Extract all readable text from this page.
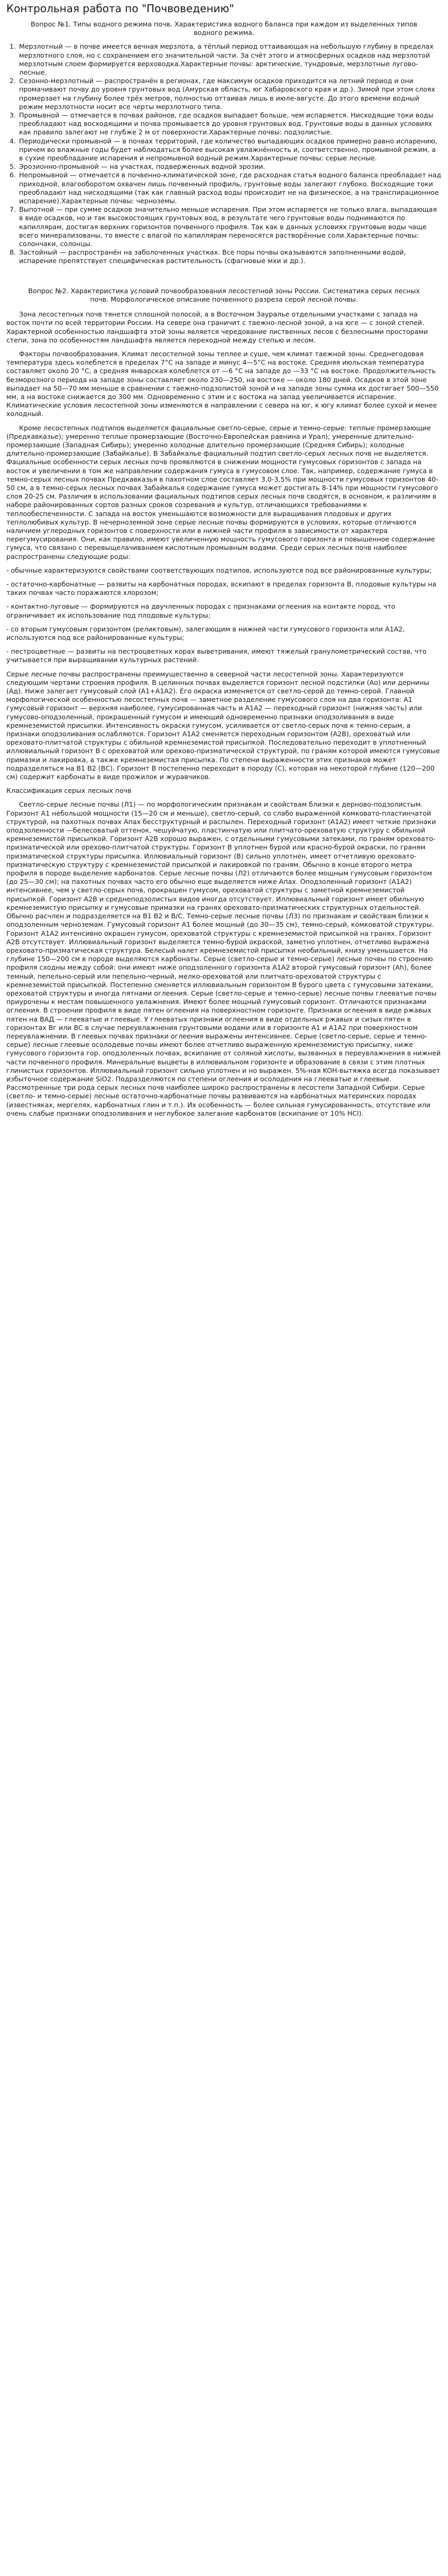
Контрольная работа по "Почвоведению"
Вопрос №1. Типы водного режима почв. Характеристика водного баланса при каждом из выделенных типов водного режима.
1. Мерзлотный — в почве имеется вечная мерзлота, а тёплый период оттаивающая на небольшую глубину в пределах мерзлотного слоя, но с сохранением его значительной части. За счёт этого и атмосферных осадков над мерзлотой мерзлотным слоем формируется верховодка.Характерные почвы: арктические, тундровые, мерзлотные лугово-лесные.
2. Сезонно-мерзлотный — распространён в регионах, где максимум осадков приходится на летний период и они промачивают почву до уровня грунтовых вод (Амурская область, юг Хабаровского края и др.). Зимой при этом слоях промерзает на глубину более трёх метров, полностью оттаивая лишь в июле-августе. До этого времени водный режим мерзлотности носит все черты мерзлотного типа.
3. Промывной — отмечается в почвах районов, где осадков выпадает больше, чем испаряется. Нисходящие токи воды преобладают над восходящими и почва промывается до уровня грунтовых вод. Грунтовые воды в данных условиях как правило залегают не глубже 2 м от поверхности.Характерные почвы: подзолистые.
4. Периодически промывной — в почвах территорий, где количество выпадающих осадков примерно равно испарению, причем во влажные годы будет наблюдаться более высокая увлажнённость и, соответственно, промывной режим, а в сухие преобладание испарения и непромывной водный режим.Характерные почвы: серые лесные.
5. Эрозионно-промывной — на участках, подверженных водной эрозии.
6. Непромывной — отмечается в почвенно-климатической зоне, где расходная статья водного баланса преобладает над приходной, влагооборотом охвачен лишь почвенный профиль, грунтовые воды залегают глубоко. Восходящие токи преобладают над нисходящими (так как главный расход воды происходит не на физическое, а на транспирационное испарение).Характерные почвы: черноземы.
7. Выпотной — при сумме осадков значительно меньше испарения. При этом испаряется не только влага, выпадающая в виде осадков, но и так высокостоящих грунтовых вод, в результате чего грунтовые воды поднимаются по капиллярам, достигая верхних горизонтов почвенного профиля. Так как в данных условиях грунтовые воды чаще всего минерализованы, то вместе с влагой по капиллярам переносятся растворённые соли.Характерные почвы: солончаки, солонцы.
8. Застойный — распространён на заболоченных участках. Все поры почвы оказываются заполненными водой, испарение препятствует специфическая растительность (сфагновые мхи и др.).
Вопрос №2. Характеристика условий почвообразования лесостепной зоны России. Систематика серых лесных почв. Морфологическое описание почвенного разреза серой лесной почвы.

Зона лесостепных почв тянется сплошной полосой, а в Восточном Зауралье отдельными участками с запада на восток почти по всей территории России. На севере она граничит с таежно-лесной зоной, а на юге — с зоной степей. Характерной особенностью ландшафта этой зоны является чередование лиственных лесов с безлесными просторами степи, зона по особенностям ландшафта является переходной между степью и лесом.

Факторы почвообразования. Климат лесостепной зоны теплее и суше, чем климат таежной зоны. Среднегодовая температура здесь колеблется в пределах 7°С на западе и минус 4—5°С на востоке. Средняя июльская температура составляет около 20 °С, а средняя январская колеблется от —6 °С на западе до —33 °С на востоке. Продолжительность безморозного периода на западе зоны составляет около 230—250, на востоке — около 180 дней. Осадков в этой зоне выпадает на 50—70 мм меньше в сравнении с таежно-подзолистой зоной и на западе зоны сумма их достигает 500—550 мм, а на востоке снижается до 300 мм. Одновременно с этим и с востока на запад увеличивается испарение. Климатические условия лесостепной зоны изменяются в направлении с севера на юг, к югу климат более сухой и менее холодный.

Кроме лесостепных подтипов выделяется фациальные светло-серые, серые и темно-серые: теплые промерзающие (Предкавказье); умеренно теплые промерзающие (Восточно-Европейская равнина и Урал); умеренные длительно-промерзающие (Западная Сибирь); умеренно холодные длительно промерзающие (Средняя Сибирь); холодные длительно-промерзающие (Забайкалье). В Забайкалье фациальный подтип светло-серых лесных почв не выделяется. Фациальные особенности серых лесных почв проявляются в снижении мощности гумусовых горизонтов с запада на восток и увеличении в том же направлении содержания гумуса в гумусовом слое. Так, например, содержание гумуса в темно-серых лесных почвах Предкавказья в пахотном слое составляет 3,0-3,5% при мощности гумусовых горизонтов 40-50 см, а в темно-серых лесных почвах Забайкалья содержание гумуса может достигать 8-14% при мощности гумусового слоя 20-25 см. Различия в использовании фациальных подтипов серых лесных почв сводятся, в основном, к различиям в наборе районированных сортов разных сроков созревания и культур, отличающихся требованиями к теплообеспеченности. С запада на восток уменьшаются возможности для выращивания плодовых и других теплолюбивых культур. В нечерноземной зоне серые лесные почвы формируются в условиях, которые отличаются наличием углеродных горизонтов с поверхности или в нижней части профиля в зависимости от характера перегумусирования. Они, как правило, имеют увеличенную мощность гумусового горизонта и повышенное содержание гумуса, что связано с перевыщелачиванием кислотным промывным водами. Среди серых лесных почв наиболее распространены следующие роды:

- обычные характеризуются свойствами соответствующих подтипов, используются под все районированные культуры;
- остаточно-карбонатные — развиты на карбонатных породах, вскипают в пределах горизонта В, плодовые культуры на таких почвах часто поражаются хлорозом;
- контактно-луговые — формируются на двучленных породах с признаками оглеения на контакте пород, что ограничивает их использование под плодовые культуры;
- со вторым гумусовым горизонтом (реликтовым), залегающим в нижней части гумусового горизонта или А1А2, используются под все районированные культуры;
- пестроцветные — развиты на пестроцветных корах выветривания, имеют тяжелый гранулометрический состав, что учитывается при выращивании культурных растений.

Серые лесные почвы распространены преимущественно в северной части лесостепной зоны. Характеризуются следующим чертами строения профиля. В целинных почвах выделяется горизонт лесной подстилки (Ао) или дернины (Ад). Ниже залегает гумусовый слой (А1+А1А2). Его окраска изменяется от светло-серой до темно-серой. Главной морфологической особенностью лесостепных почв — заметное разделение гумусового слоя на два горизонта: А1 гумусовый горизонт — верхняя наиболее, гумусированная часть и А1А2 — переходный горизонт (нижняя часть) или гумусово-оподзоленный, прокрашенный гумусом и имеющий одновременно признаки оподзоливания в виде кремнеземистой присыпки. Интенсивность окраски гумусом, усиливается от светло-серых почв к темно-серым, а признаки оподзоливания ослабляются. Горизонт А1А2 сменяется переходным горизонтом (А2В), ореховатый или ореховато-плитчатой структуры с обильной кремнеземистой присыпкой. Последовательно переходит в уплотненный иллювиальный горизонт В с ореховатой или орехово-призматической структурой, по граням которой имеются гумусовые примазки и лакировка, а также кремнеземистая присыпка. По степени выраженности этих признаков может подразделяться на В1 В2 (ВС). Горизонт В постепенно переходит в породу (С), которая на некоторой глубине (120—200 см) содержит карбонаты в виде прожилок и журавчиков.

Классификация серых лесных почв

Светло-серые лесные почвы (Л1) — по морфологическим признакам и свойствам близки к дерново-подзолистым. Горизонт А1 небольшой мощности (15—20 см и меньше), светло-серый, со слабо выраженной комковато-пластинчатой структурой, на пахотных почвах Апах бесструктурный и распылен. Переходный горизонт (А1А2) имеет четкие признаки оподзоленности —белесоватый оттенок, чешуйчатую, пластинчатую или плитчато-ореховатую структуру с обильной кремнеземистой присыпкой. Горизонт А2В хорошо выражен, с отдельными гумусовыми затеками, по граням ореховато-призматической или орехово-плитчатой структуры. Горизонт В уплотнен бурой или красно-бурой окраски, по граням призматической структуры присыпка. Иллювиальный горизонт (В) сильно уплотнен, имеет отчетливую ореховато-призматическую структуру с кремнеземистой присыпкой и лакировкой по граням. Обычно в конце второго метра профиля в породе выделение карбонатов. Серые лесные почвы (Л2) отличаются более мощным гумусовым горизонтом (до 25—30 см); на пахотных почвах часто его обычно еще выделяется ниже Апах. Оподзоленный горизонт (А1А2) интенсивнее, чем у светло-серых почв, прокрашен гумусом, ореховатой структуры с заметной кремнеземистой присыпкой. Горизонт А2В и среднеподзолистых видов иногда отсутствует. Иллювиальный горизонт имеет обильную кремнеземистую присыпку и гумусовые примазки на гранях ореховато-призматических структурных отдельностей. Обычно расчлен и подразделяется на В1 В2 и В/С. Темно-серые лесные почвы (Л3) по признакам и свойствам близки к оподзоленным черноземам. Гумусовый горизонт А1 более мощный (до 30—35 см), темно-серый, комковатой структуры. Горизонт А1А2 интенсивно окрашен гумусом, ореховатой структуры с кремнеземистой присыпкой на гранях. Горизонт А2В отсутствует. Иллювиальный горизонт выделяется темно-бурой окраской, заметно уплотнен, отчетливо выражена ореховато-призматическая структура. Белесый налет кремнеземистой присыпки необильный, книзу уменьшается. На глубине 150—200 см в породе выделяются карбонаты. Серые (светло-серые и темно-серые) лесные почвы по строению профиля сходны между собой: они имеют ниже оподзоленного горизонта А1А2 второй гумусовый горизонт (Ah), более темный, пепельно-серый или пепельно-черный, мелко-ореховатой или плитчато-ореховатой структуры с кремнеземистой присыпкой. Постепенно сменяется иллювиальным горизонтом В бурого цвета с гумусовыми затеками, ореховатой структуры и иногда пятнами оглеения. Серые (светло-серые и темно-серые) лесные почвы глееватые почвы приурочены к местам повышенного увлажнения. Имеют более мощный гумусовый горизонт. Отличаются признаками оглеения. В строении профиля в виде пятен оглеения на поверхностном горизонте. Признаки оглеения в виде ржавых пятен на ВАД — глееватые и глеевые. У глееватых признаки оглеения в виде отдельных ржавых и сизых пятен в горизонтах Bг или ВС в случае переувлажнения грунтовыми водами или в горизонте А1 и А1А2 при поверхностном переувлажнении. В глеевых почвах признаки оглеения выражены интенсивнее. Серые (светло-серые, серые и темно-серые) лесные глеевые осолодевые почвы имеют более отчетливо выраженную кремнеземистую присыпку, ниже гумусового горизонта гор. оподзоленных почвах, вскипание от соляной кислоты, вызванных в переувлажнения в нижней части почвенного профиля. Минеральные выцветы в иллювиальном горизонте и образование в связи с этим плотных глинистых горизонтов. Иллювиальный горизонт сильно уплотнен и но выражен. 5%-ная KOH-вытяжка всегда показывает избыточное содержание SiO2. Подразделяются по степени оглеения и осолодения на глееватые и глеевые. Рассмотренные три рода серых лесных почв наиболее широко распространены в лесостепи Западной Сибири. Серые (светло- и темно-серые) лесные остаточно-карбонатные почвы развиваются на карбонатных материнских породах (известняках, мергелях, карбонатных глин и т.п.). Их особенность — более сильная гумусированность, отсутствие или очень слабые признаки оподзоливания и неглубокое залегание карбонатов (вскипание от 10% HCl).
